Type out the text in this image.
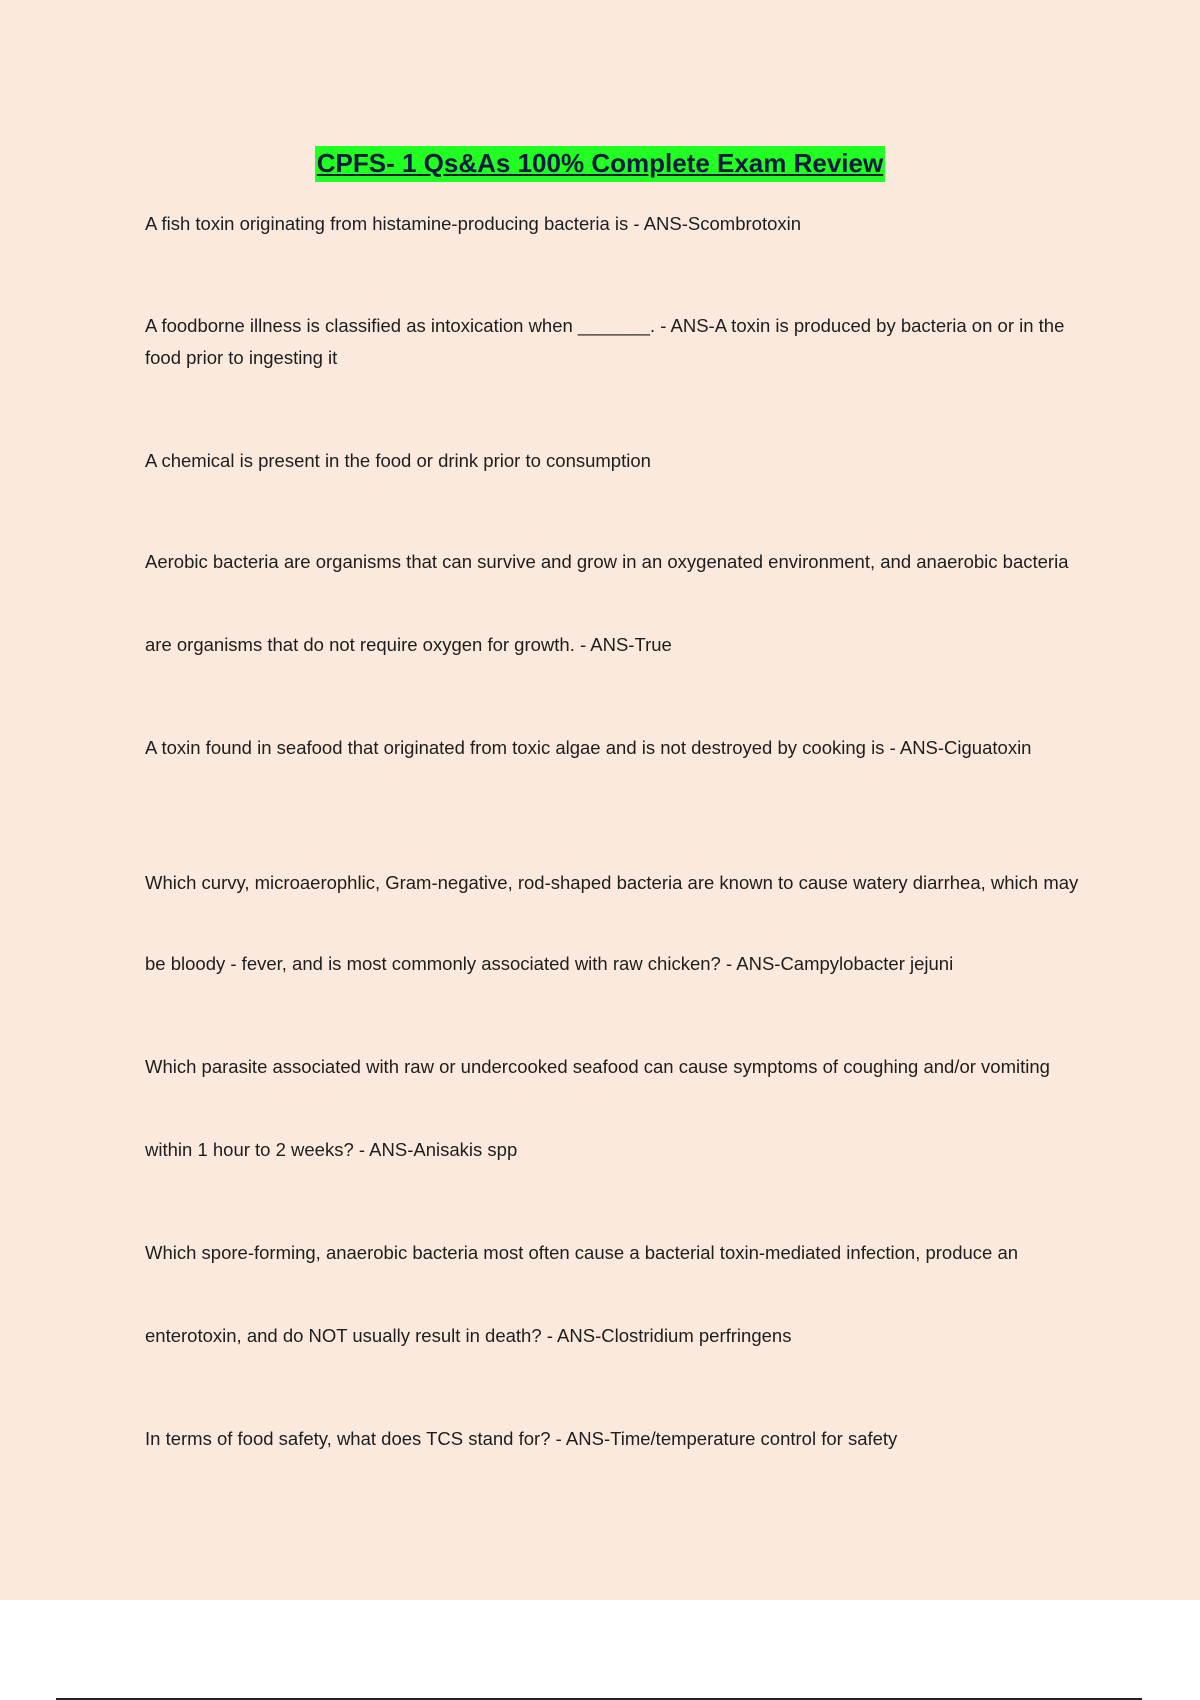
CPFS- 1 Qs&As 100% Complete Exam Review

A fish toxin originating from histamine-producing bacteria is - ANS-Scombrotoxin

A foodborne illness is classified as intoxication when _______. - ANS-A toxin is produced by bacteria on or in the food prior to ingesting it

A chemical is present in the food or drink prior to consumption

Aerobic bacteria are organisms that can survive and grow in an oxygenated environment, and anaerobic bacteria

are organisms that do not require oxygen for growth. - ANS-True

A toxin found in seafood that originated from toxic algae and is not destroyed by cooking is - ANS-Ciguatoxin

Which curvy, microaerophlic, Gram-negative, rod-shaped bacteria are known to cause watery diarrhea, which may

be bloody - fever, and is most commonly associated with raw chicken? - ANS-Campylobacter jejuni

Which parasite associated with raw or undercooked seafood can cause symptoms of coughing and/or vomiting

within 1 hour to 2 weeks? - ANS-Anisakis spp

Which spore-forming, anaerobic bacteria most often cause a bacterial toxin-mediated infection, produce an

enterotoxin, and do NOT usually result in death? - ANS-Clostridium perfringens

In terms of food safety, what does TCS stand for? - ANS-Time/temperature control for safety
